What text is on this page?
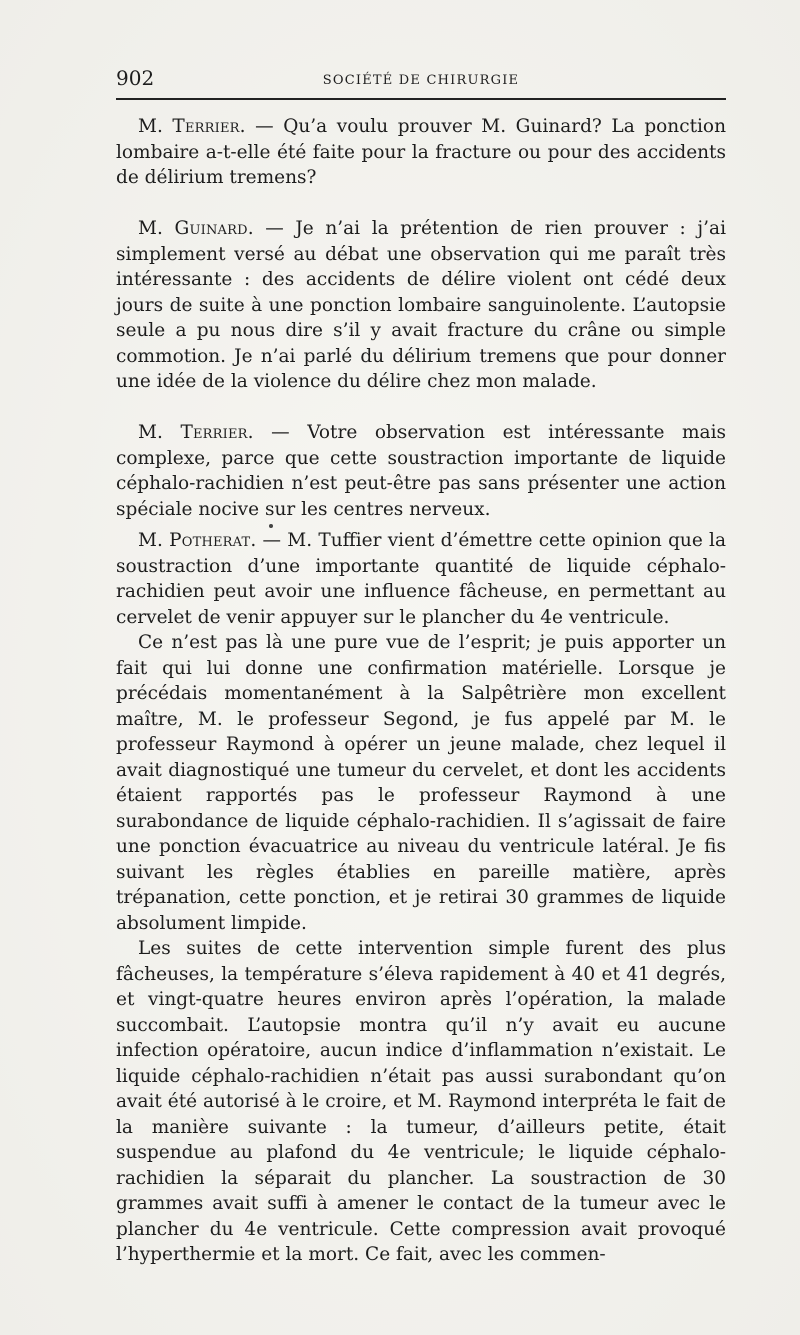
902	SOCIÉTÉ DE CHIRURGIE

M. Terrier. — Qu’a voulu prouver M. Guinard? La ponction lombaire a-t-elle été faite pour la fracture ou pour des accidents de délirium tremens?

M. Guinard. — Je n’ai la prétention de rien prouver : j’ai simplement versé au débat une observation qui me paraît très intéressante : des accidents de délire violent ont cédé deux jours de suite à une ponction lombaire sanguinolente. L’autopsie seule a pu nous dire s’il y avait fracture du crâne ou simple commotion. Je n’ai parlé du délirium tremens que pour donner une idée de la violence du délire chez mon malade.

M. Terrier. — Votre observation est intéressante mais complexe, parce que cette soustraction importante de liquide céphalo-rachidien n’est peut-être pas sans présenter une action spéciale nocive sur les centres nerveux.

M. Potherat. — M. Tuffier vient d’émettre cette opinion que la soustraction d’une importante quantité de liquide céphalo-rachidien peut avoir une influence fâcheuse, en permettant au cervelet de venir appuyer sur le plancher du 4e ventricule.

Ce n’est pas là une pure vue de l’esprit; je puis apporter un fait qui lui donne une confirmation matérielle. Lorsque je précédais momentanément à la Salpêtrière mon excellent maître, M. le professeur Segond, je fus appelé par M. le professeur Raymond à opérer un jeune malade, chez lequel il avait diagnostiqué une tumeur du cervelet, et dont les accidents étaient rapportés pas le professeur Raymond à une surabondance de liquide céphalo-rachidien. Il s’agissait de faire une ponction évacuatrice au niveau du ventricule latéral. Je fis suivant les règles établies en pareille matière, après trépanation, cette ponction, et je retirai 30 grammes de liquide absolument limpide.

Les suites de cette intervention simple furent des plus fâcheuses, la température s’éleva rapidement à 40 et 41 degrés, et vingt-quatre heures environ après l’opération, la malade succombait. L’autopsie montra qu’il n’y avait eu aucune infection opératoire, aucun indice d’inflammation n’existait. Le liquide céphalo-rachidien n’était pas aussi surabondant qu’on avait été autorisé à le croire, et M. Raymond interpréta le fait de la manière suivante : la tumeur, d’ailleurs petite, était suspendue au plafond du 4e ventricule; le liquide céphalo-rachidien la séparait du plancher. La soustraction de 30 grammes avait suffi à amener le contact de la tumeur avec le plancher du 4e ventricule. Cette compression avait provoqué l’hyperthermie et la mort. Ce fait, avec les commen-
